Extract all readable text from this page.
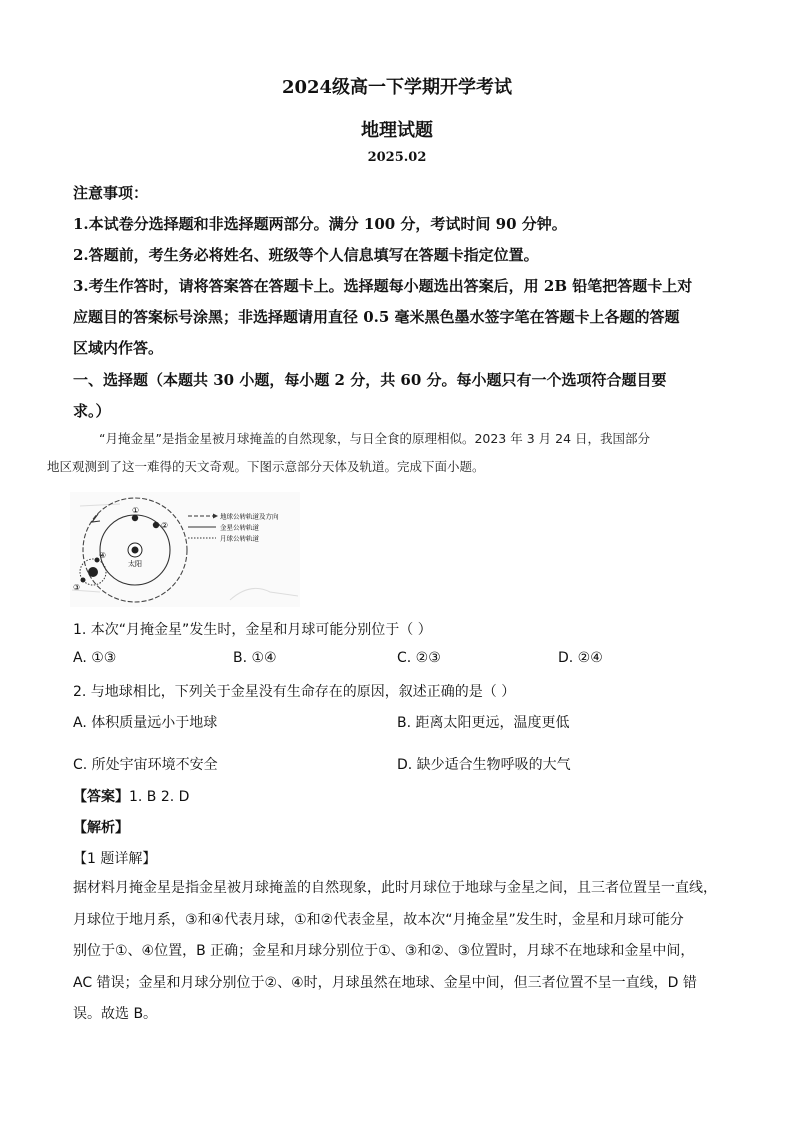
2024级高一下学期开学考试
地理试题
2025.02
注意事项：
1.本试卷分选择题和非选择题两部分。满分 100 分，考试时间 90 分钟。
2.答题前，考生务必将姓名、班级等个人信息填写在答题卡指定位置。
3.考生作答时，请将答案答在答题卡上。选择题每小题选出答案后，用 2B 铅笔把答题卡上对
应题目的答案标号涂黑；非选择题请用直径 0.5 毫米黑色墨水签字笔在答题卡上各题的答题
区域内作答。
一、选择题（本题共 30 小题，每小题 2 分，共 60 分。每小题只有一个选项符合题目要
求。）
“月掩金星”是指金星被月球掩盖的自然现象，与日全食的原理相似。2023 年 3 月 24 日，我国部分
地区观测到了这一难得的天文奇观。下图示意部分天体及轨道。完成下面小题。
太阳
①
②
④
③
地球公转轨道及方向
金星公转轨道
月球公转轨道
1. 本次“月掩金星”发生时，金星和月球可能分别位于（ ）
A. ①③	B. ①④	C. ②③	D. ②④
2. 与地球相比，下列关于金星没有生命存在的原因，叙述正确的是（ ）
A. 体积质量远小于地球	B. 距离太阳更远，温度更低
C. 所处宇宙环境不安全	D. 缺少适合生物呼吸的大气
【答案】1. B 2. D
【解析】
【1 题详解】
据材料月掩金星是指金星被月球掩盖的自然现象，此时月球位于地球与金星之间，且三者位置呈一直线，
月球位于地月系，③和④代表月球，①和②代表金星，故本次“月掩金星”发生时，金星和月球可能分
别位于①、④位置，B 正确；金星和月球分别位于①、③和②、③位置时，月球不在地球和金星中间，
AC 错误；金星和月球分别位于②、④时，月球虽然在地球、金星中间，但三者位置不呈一直线，D 错
误。故选 B。
